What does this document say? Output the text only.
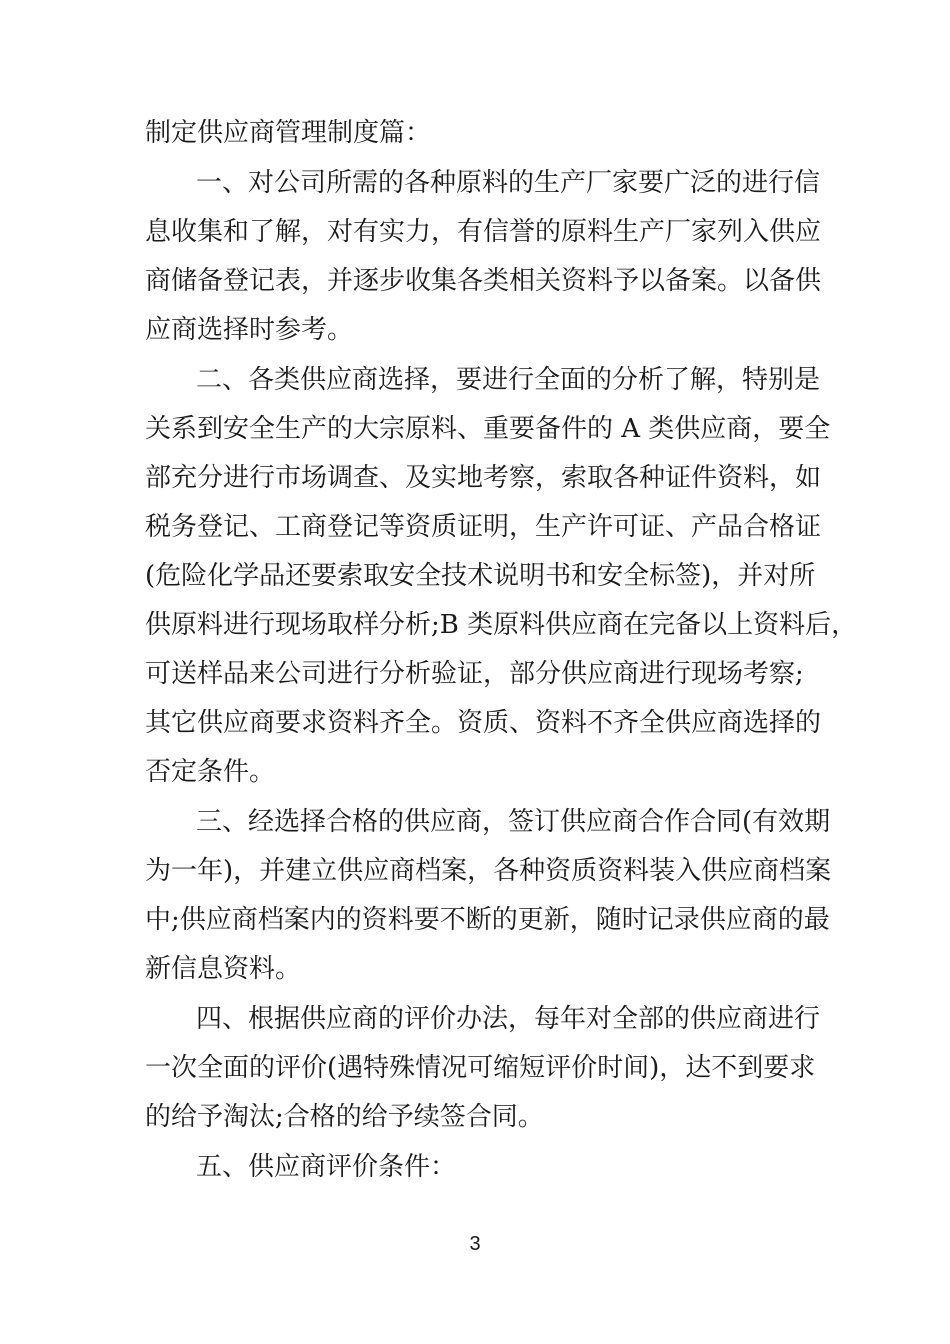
制定供应商管理制度篇：
一、对公司所需的各种原料的生产厂家要广泛的进行信
息收集和了解，对有实力，有信誉的原料生产厂家列入供应
商储备登记表，并逐步收集各类相关资料予以备案。以备供
应商选择时参考。
二、各类供应商选择，要进行全面的分析了解，特别是
关系到安全生产的大宗原料、重要备件的 A 类供应商，要全
部充分进行市场调查、及实地考察，索取各种证件资料，如
税务登记、工商登记等资质证明，生产许可证、产品合格证
(危险化学品还要索取安全技术说明书和安全标签)，并对所
供原料进行现场取样分析;B 类原料供应商在完备以上资料后，
可送样品来公司进行分析验证，部分供应商进行现场考察;
其它供应商要求资料齐全。资质、资料不齐全供应商选择的
否定条件。
三、经选择合格的供应商，签订供应商合作合同(有效期
为一年)，并建立供应商档案，各种资质资料装入供应商档案
中;供应商档案内的资料要不断的更新，随时记录供应商的最
新信息资料。
四、根据供应商的评价办法，每年对全部的供应商进行
一次全面的评价(遇特殊情况可缩短评价时间)，达不到要求
的给予淘汰;合格的给予续签合同。
五、供应商评价条件：
3
